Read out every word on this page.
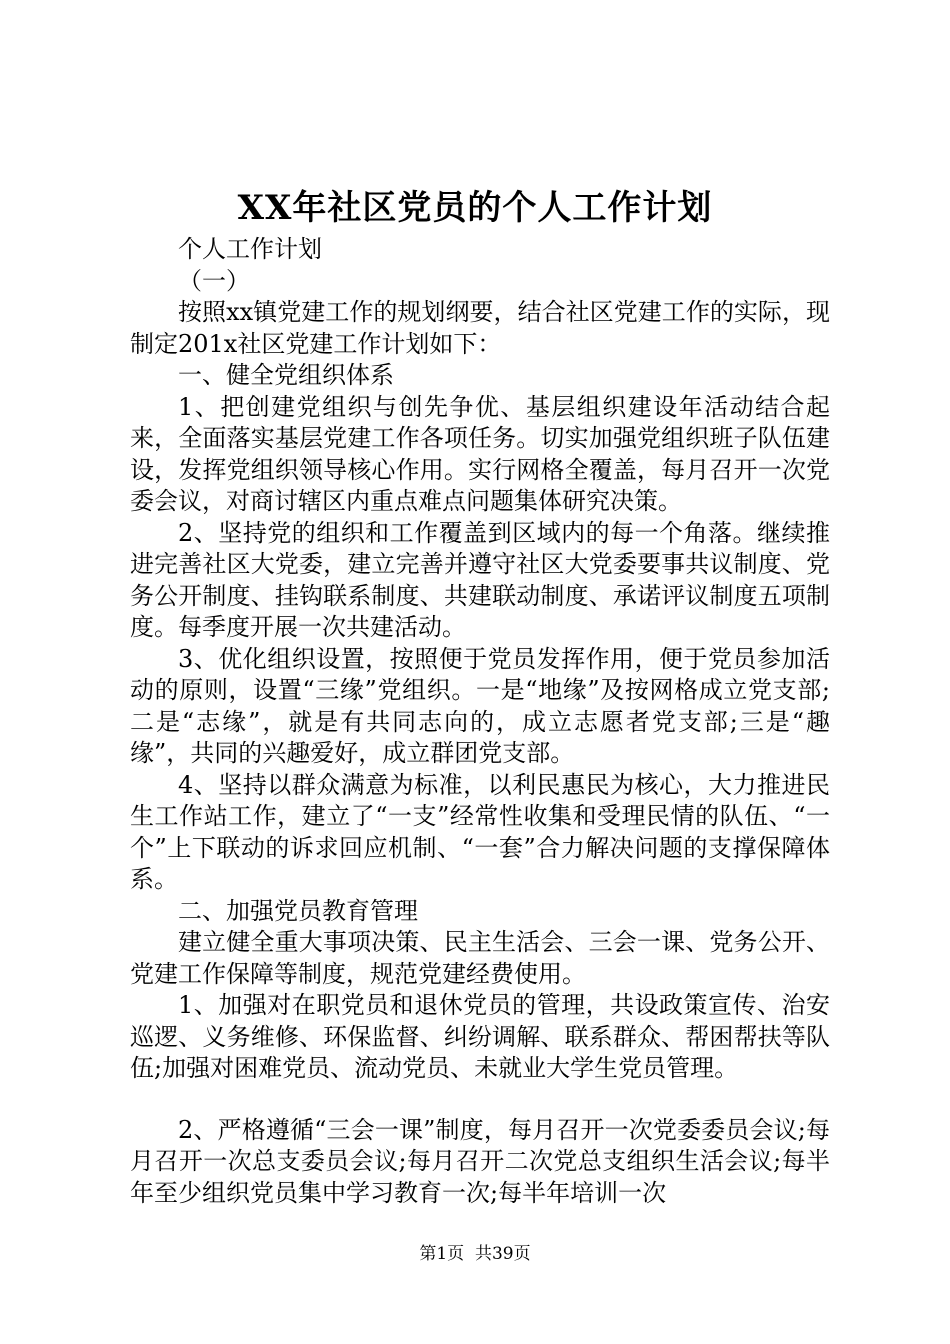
XX年社区党员的个人工作计划

个人工作计划

（一）

按照xx镇党建工作的规划纲要，结合社区党建工作的实际，现制定201x社区党建工作计划如下：

一、健全党组织体系

1、把创建党组织与创先争优、基层组织建设年活动结合起来，全面落实基层党建工作各项任务。切实加强党组织班子队伍建设，发挥党组织领导核心作用。实行网格全覆盖，每月召开一次党委会议，对商讨辖区内重点难点问题集体研究决策。

2、坚持党的组织和工作覆盖到区域内的每一个角落。继续推进完善社区大党委，建立完善并遵守社区大党委要事共议制度、党务公开制度、挂钩联系制度、共建联动制度、承诺评议制度五项制度。每季度开展一次共建活动。

3、优化组织设置，按照便于党员发挥作用，便于党员参加活动的原则，设置“三缘”党组织。一是“地缘”及按网格成立党支部;二是“志缘”，就是有共同志向的，成立志愿者党支部;三是“趣缘”，共同的兴趣爱好，成立群团党支部。

4、坚持以群众满意为标准，以利民惠民为核心，大力推进民生工作站工作，建立了“一支”经常性收集和受理民情的队伍、“一个”上下联动的诉求回应机制、“一套”合力解决问题的支撑保障体系。

二、加强党员教育管理

建立健全重大事项决策、民主生活会、三会一课、党务公开、党建工作保障等制度，规范党建经费使用。

1、加强对在职党员和退休党员的管理，共设政策宣传、治安巡逻、义务维修、环保监督、纠纷调解、联系群众、帮困帮扶等队伍;加强对困难党员、流动党员、未就业大学生党员管理。

2、严格遵循“三会一课”制度，每月召开一次党委委员会议;每月召开一次总支委员会议;每月召开二次党总支组织生活会议;每半年至少组织党员集中学习教育一次;每半年培训一次

第1页  共39页
